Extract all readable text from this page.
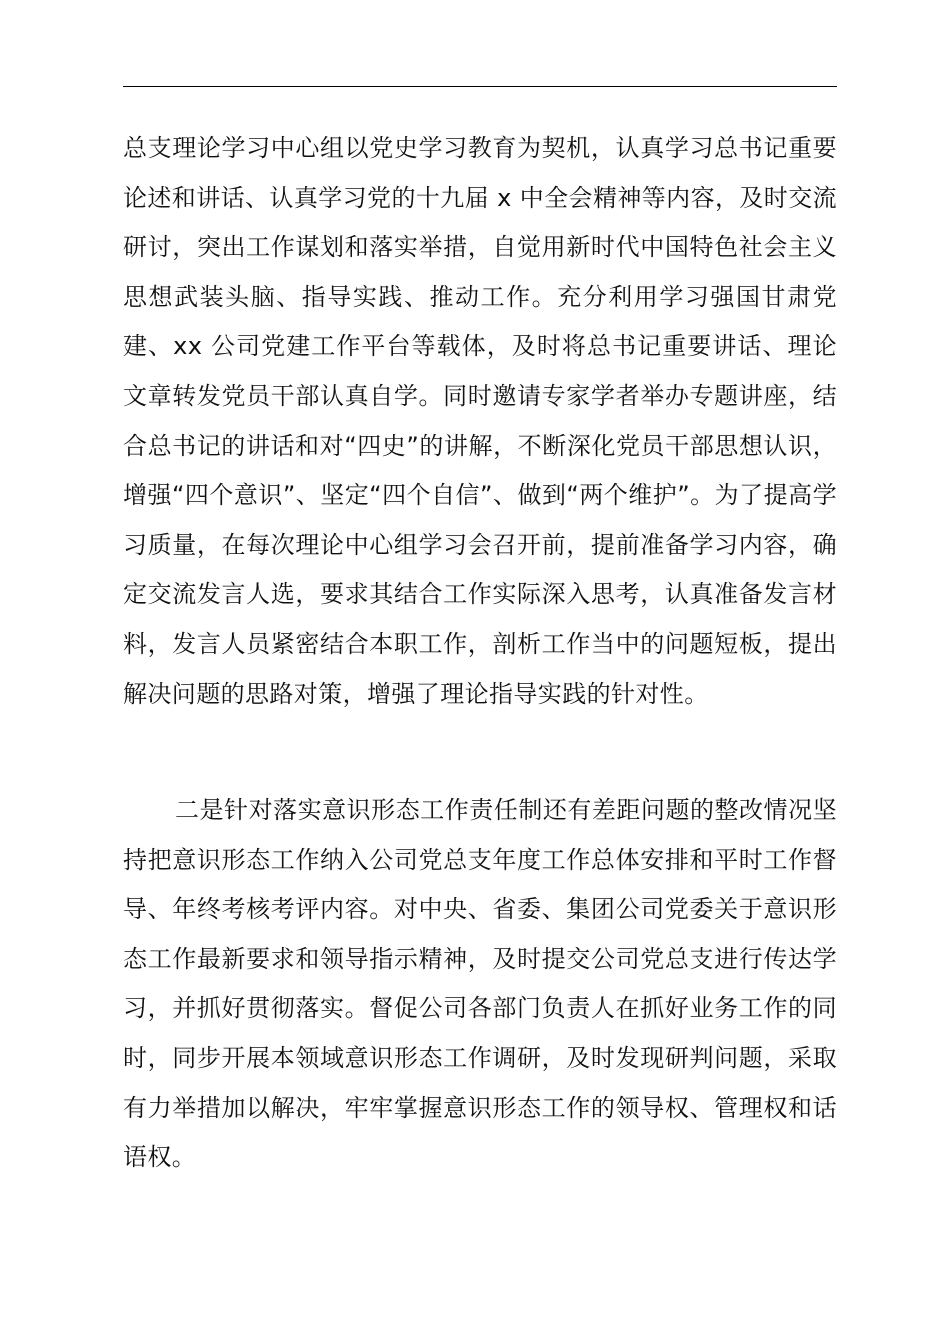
总支理论学习中心组以党史学习教育为契机，认真学习总书记重要论述和讲话、认真学习党的十九届 x 中全会精神等内容，及时交流研讨，突出工作谋划和落实举措，自觉用新时代中国特色社会主义思想武装头脑、指导实践、推动工作。充分利用学习强国甘肃党建、xx 公司党建工作平台等载体，及时将总书记重要讲话、理论文章转发党员干部认真自学。同时邀请专家学者举办专题讲座，结合总书记的讲话和对“四史”的讲解，不断深化党员干部思想认识，增强“四个意识”、坚定“四个自信”、做到“两个维护”。为了提高学习质量，在每次理论中心组学习会召开前，提前准备学习内容，确定交流发言人选，要求其结合工作实际深入思考，认真准备发言材料，发言人员紧密结合本职工作，剖析工作当中的问题短板，提出解决问题的思路对策，增强了理论指导实践的针对性。

二是针对落实意识形态工作责任制还有差距问题的整改情况坚持把意识形态工作纳入公司党总支年度工作总体安排和平时工作督导、年终考核考评内容。对中央、省委、集团公司党委关于意识形态工作最新要求和领导指示精神，及时提交公司党总支进行传达学习，并抓好贯彻落实。督促公司各部门负责人在抓好业务工作的同时，同步开展本领域意识形态工作调研，及时发现研判问题，采取有力举措加以解决，牢牢掌握意识形态工作的领导权、管理权和话语权。
